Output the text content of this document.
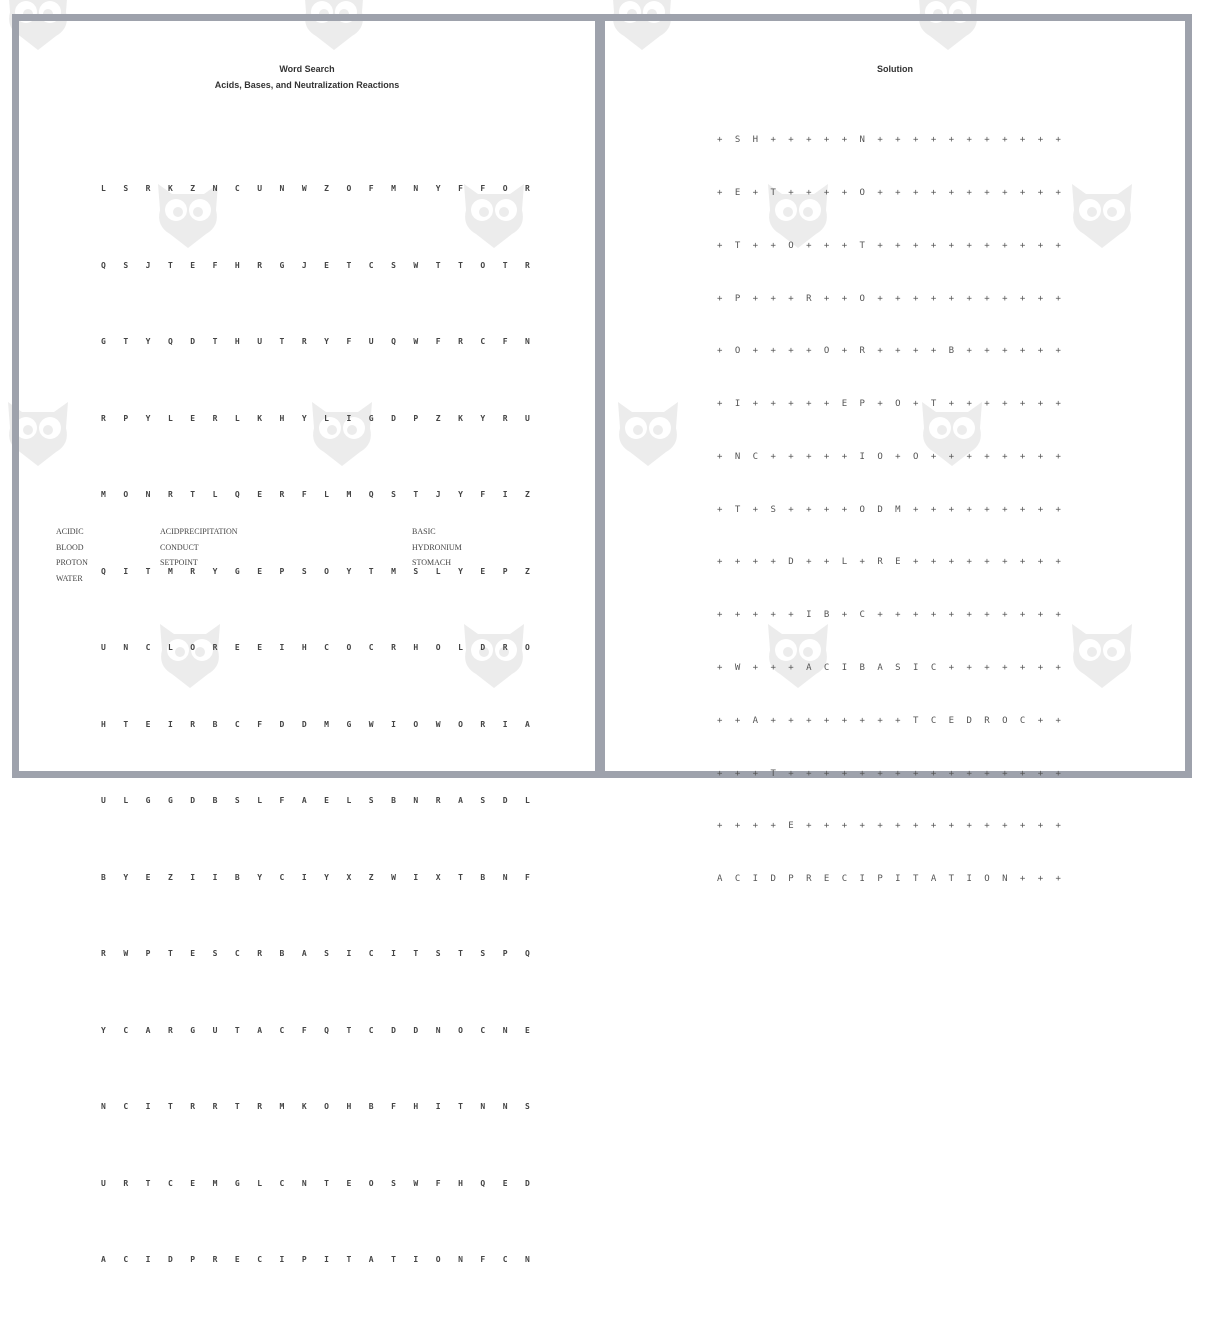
Word Search
Acids, Bases, and Neutralization Reactions

LSRKZNCUNWZOFMNYFFOR

QSJTEFHRGJETCSWTTOTR

GTYQDTHUTRYFUQWFRCFN

RPYLERLKHYLIGDPZKYRU

MONRTLQERFLMQSTJYFIZ

QITMRYGEPSOYTMSLYEPZ

UNCLOREEIHCOCRHOLDRO

HTEIRBCFDDMGWIOWORIA

ULGGDBSLFAELSBNRASDL

BYEZIIBYCIYXZWIXTBNF

RWPTESCRBASICITSTSPQ

YCARGUTACFQTCDDNOCNE

NCITRRTRMKOHBFHITNNS

URTCEMGLCNTEOSWFHQED

ACIDPRECIPITATIONFCN

ACIDIC
BLOOD
PROTON
WATER
ACIDPRECIPITATION
CONDUCT
SETPOINT
BASIC
HYDRONIUM
STOMACH
Solution

+SH+++++N+++++++++++

+E+T++++O+++++++++++

+T++O+++T+++++++++++

+P+++R++O+++++++++++

+O++++O+R++++B++++++

+I+++++EP+O+T+++++++

+NC+++++IO+O++++++++

+T+S++++ODM+++++++++

++++D++L+RE+++++++++

+++++IB+C+++++++++++

+W+++ACIBASIC+++++++

++A++++++++TCEDROC++

+++T++++++++++++++++

++++E+++++++++++++++

ACIDPRECIPITATION+++
